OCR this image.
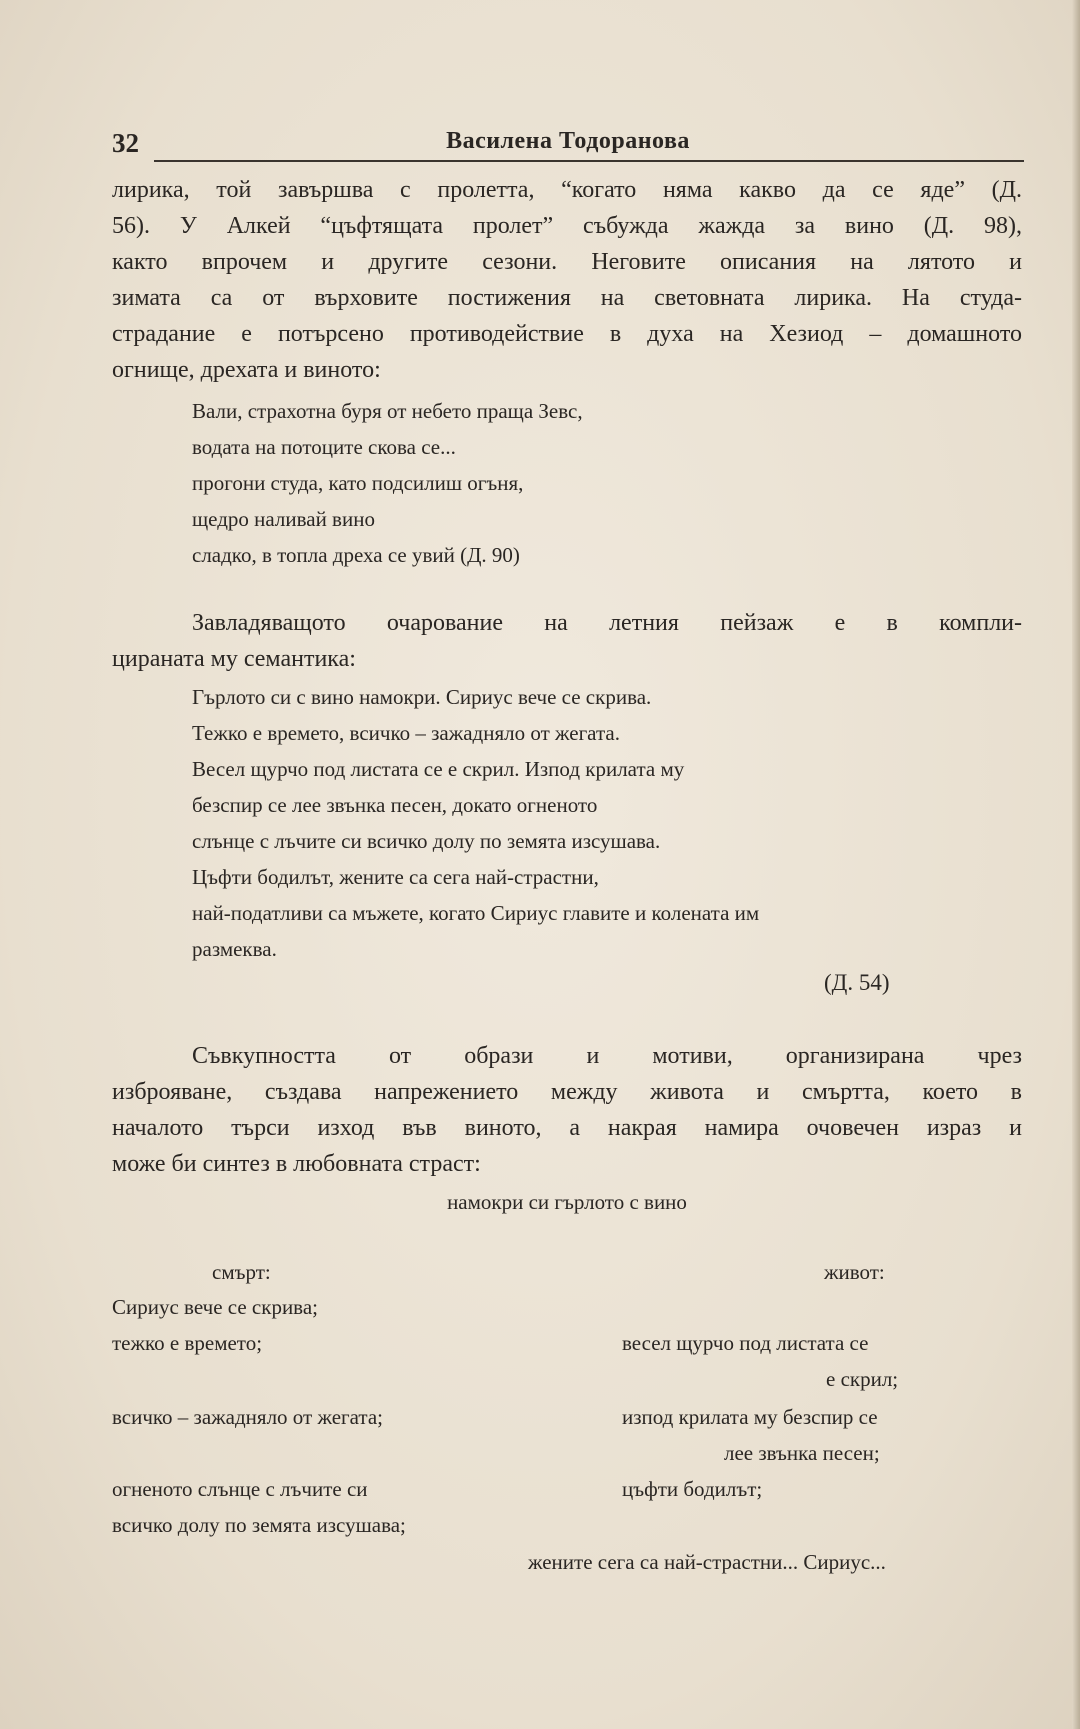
32	Василена Тодоранова
лирика, той завършва с пролетта, “когато няма какво да се яде” (Д.
56). У Алкей “цъфтящата пролет” събужда жажда за вино (Д. 98),
както впрочем и другите сезони. Неговите описания на лятото и
зимата са от върховите постижения на световната лирика. На студа-
страдание е потърсено противодействие в духа на Хезиод – домашното
огнище, дрехата и виното:
Вали, страхотна буря от небето праща Зевс,
водата на потоците скова се...
прогони студа, като подсилиш огъня,
щедро наливай вино
сладко, в топла дреха се увий (Д. 90)
Завладяващото очарование на летния пейзаж е в компли-
цираната му семантика:
Гърлото си с вино намокри. Сириус вече се скрива.
Тежко е времето, всичко – зажадняло от жегата.
Весел щурчо под листата се е скрил. Изпод крилата му
безспир се лее звънка песен, докато огненото
слънце с лъчите си всичко долу по земята изсушава.
Цъфти бодилът, жените са сега най-страстни,
най-податливи са мъжете, когато Сириус главите и колената им
размеква.
(Д. 54)
Съвкупността от образи и мотиви, организирана чрез
изброяване, създава напрежението между живота и смъртта, което в
началото търси изход във виното, а накрая намира очовечен израз и
може би синтез в любовната страст:
намокри си гърлото с вино
смърт:	живот:
Сириус вече се скрива;
тежко е времето;
всичко – зажадняло от жегата;
огненото слънце с лъчите си
всичко долу по земята изсушава;
весел щурчо под листата се
е скрил;
изпод крилата му безспир се
лее звънка песен;
цъфти бодилът;
жените сега са най-страстни... Сириус...
